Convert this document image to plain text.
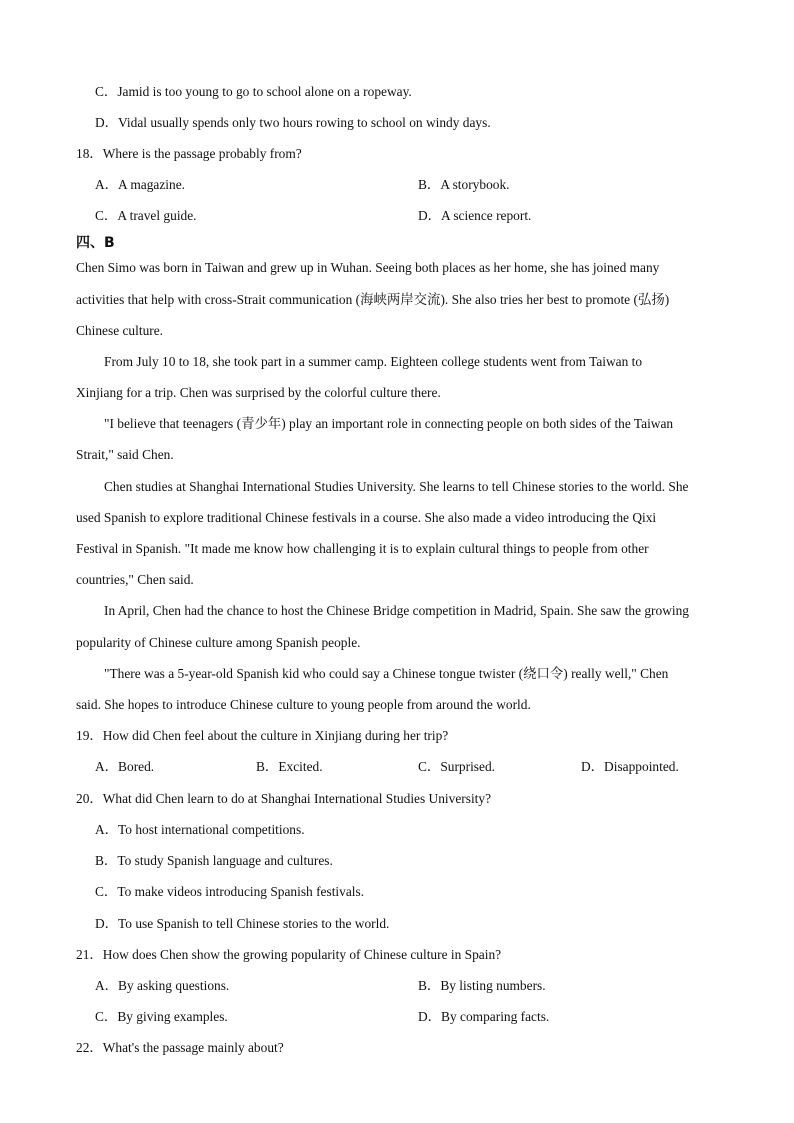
C．Jamid is too young to go to school alone on a ropeway.
D．Vidal usually spends only two hours rowing to school on windy days.
18．Where is the passage probably from?
A．A magazine.	B．A storybook.
C．A travel guide.	D．A science report.
四、B
Chen Simo was born in Taiwan and grew up in Wuhan. Seeing both places as her home, she has joined many
activities that help with cross-Strait communication (海峡两岸交流). She also tries her best to promote (弘扬)
Chinese culture.
From July 10 to 18, she took part in a summer camp. Eighteen college students went from Taiwan to
Xinjiang for a trip. Chen was surprised by the colorful culture there.
"I believe that teenagers (青少年) play an important role in connecting people on both sides of the Taiwan
Strait," said Chen.
Chen studies at Shanghai International Studies University. She learns to tell Chinese stories to the world. She
used Spanish to explore traditional Chinese festivals in a course. She also made a video introducing the Qixi
Festival in Spanish. "It made me know how challenging it is to explain cultural things to people from other
countries," Chen said.
In April, Chen had the chance to host the Chinese Bridge competition in Madrid, Spain. She saw the growing
popularity of Chinese culture among Spanish people.
"There was a 5-year-old Spanish kid who could say a Chinese tongue twister (绕口令) really well," Chen
said. She hopes to introduce Chinese culture to young people from around the world.
19．How did Chen feel about the culture in Xinjiang during her trip?
A．Bored.	B．Excited.	C．Surprised.	D．Disappointed.
20．What did Chen learn to do at Shanghai International Studies University?
A．To host international competitions.
B．To study Spanish language and cultures.
C．To make videos introducing Spanish festivals.
D．To use Spanish to tell Chinese stories to the world.
21．How does Chen show the growing popularity of Chinese culture in Spain?
A．By asking questions.	B．By listing numbers.
C．By giving examples.	D．By comparing facts.
22．What's the passage mainly about?
